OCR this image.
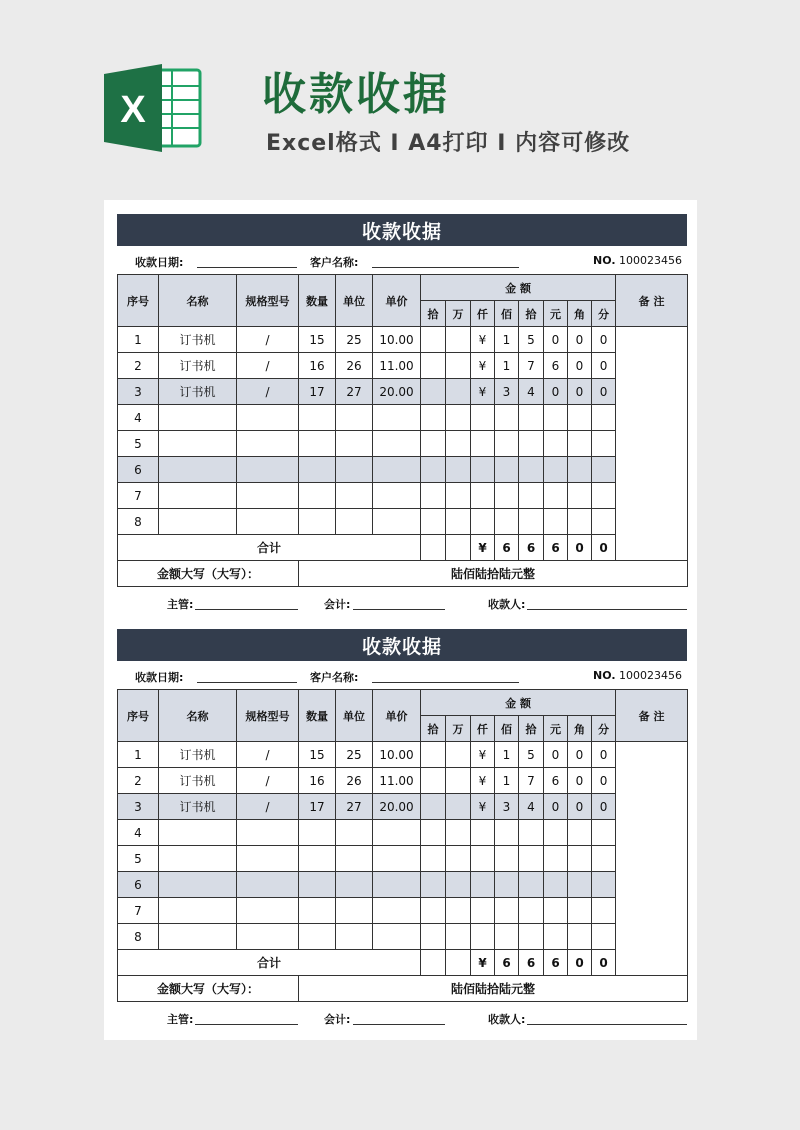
X	收款收据
Excel格式 I A4打印 I 内容可修改
收款收据
收款日期:	客户名称:	NO. 100023456
序号	名称	规格型号	数量	单位	单价	金 额								备 注
						拾	万	仟	佰	拾	元	角	分	
1	订书机	/	15	25	10.00			¥	1	5	0	0	0	
2	订书机	/	16	26	11.00			¥	1	7	6	0	0	
3	订书机	/	17	27	20.00			¥	3	4	0	0	0	
4														
5														
6														
7														
8														
合计								¥	6	6	6	0	0	
金额大写（大写）：			陆佰陆拾陆元整											
主管:	会计:	收款人:
收款收据
收款日期:	客户名称:	NO. 100023456
序号	名称	规格型号	数量	单位	单价	金 额								备 注
						拾	万	仟	佰	拾	元	角	分	
1	订书机	/	15	25	10.00			¥	1	5	0	0	0	
2	订书机	/	16	26	11.00			¥	1	7	6	0	0	
3	订书机	/	17	27	20.00			¥	3	4	0	0	0	
4														
5														
6														
7														
8														
合计								¥	6	6	6	0	0	
金额大写（大写）：			陆佰陆拾陆元整											
主管:	会计:	收款人:
